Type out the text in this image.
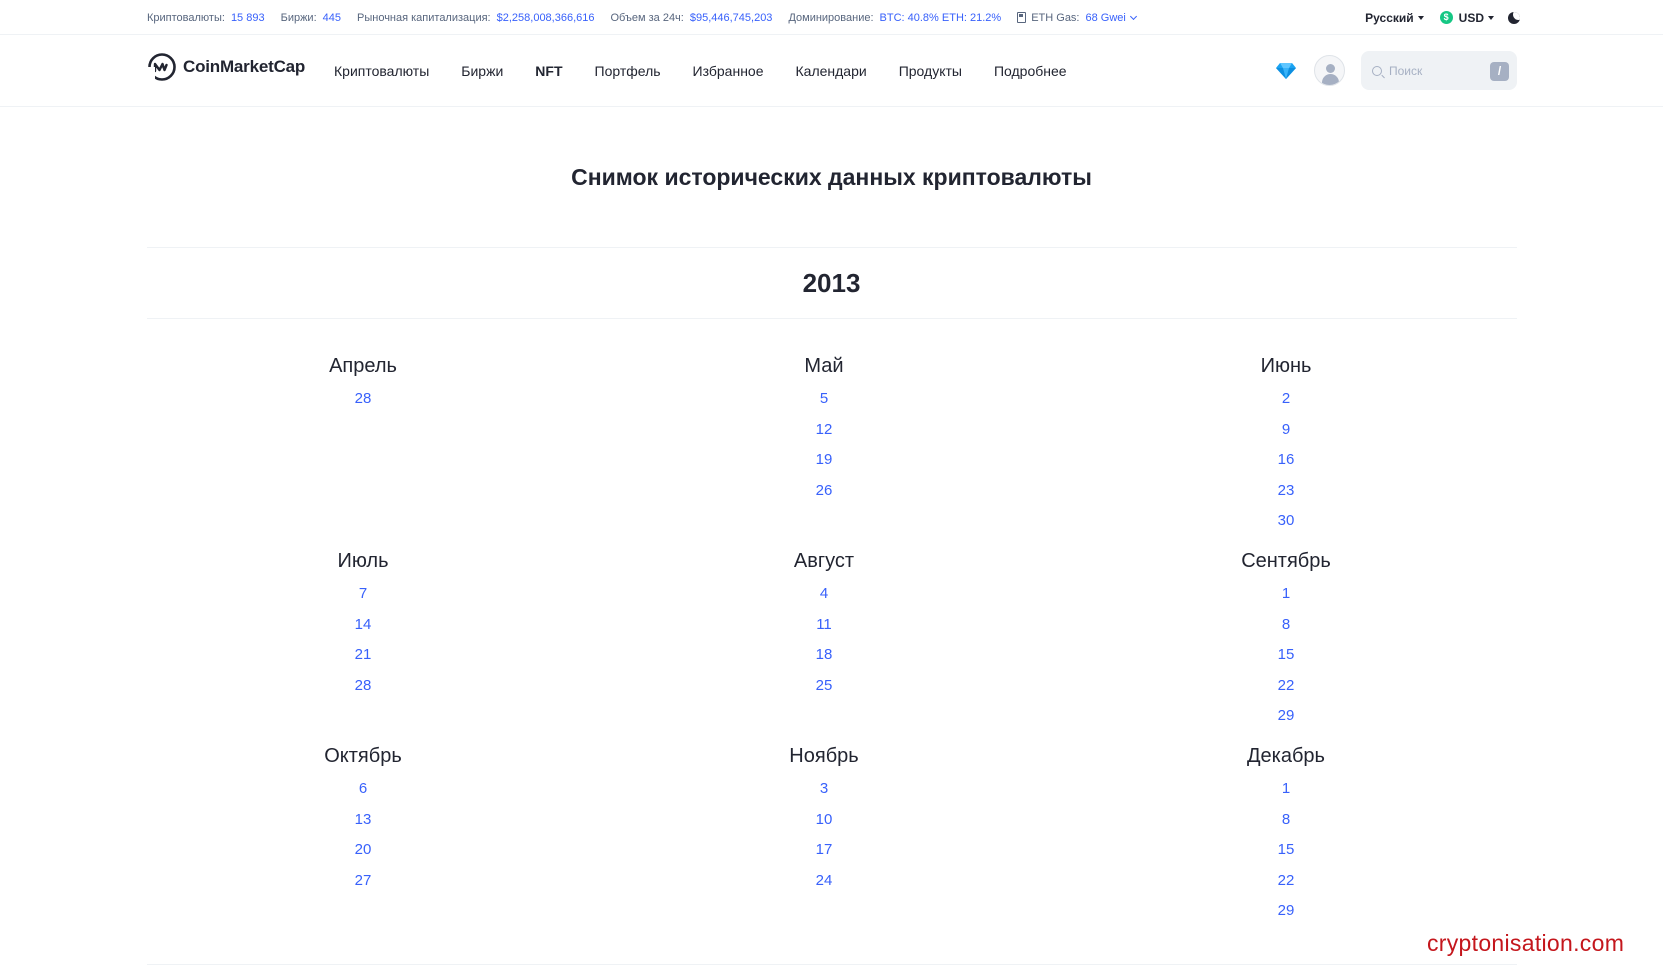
Криптовалюты: 15 893 Биржи: 445 Рыночная капитализация: $2,258,008,366,616 Объем за 24ч: $95,446,745,203 Доминирование: BTC: 40.8% ETH: 21.2%	ETH Gas: 68 Gwei	Русский	$ USD
CoinMarketCap Криптовалюты Биржи NFT Портфель Избранное Календари Продукты Подробнее	Поиск	/
Снимок исторических данных криптовалюты
2013
Апрель
28
Май
5
12
19
26
Июнь
2
9
16
23
30
Июль
7
14
21
28
Август
4
11
18
25
Сентябрь
1
8
15
22
29
Октябрь
6
13
20
27
Ноябрь
3
10
17
24
Декабрь
1
8
15
22
29
cryptonisation.com
